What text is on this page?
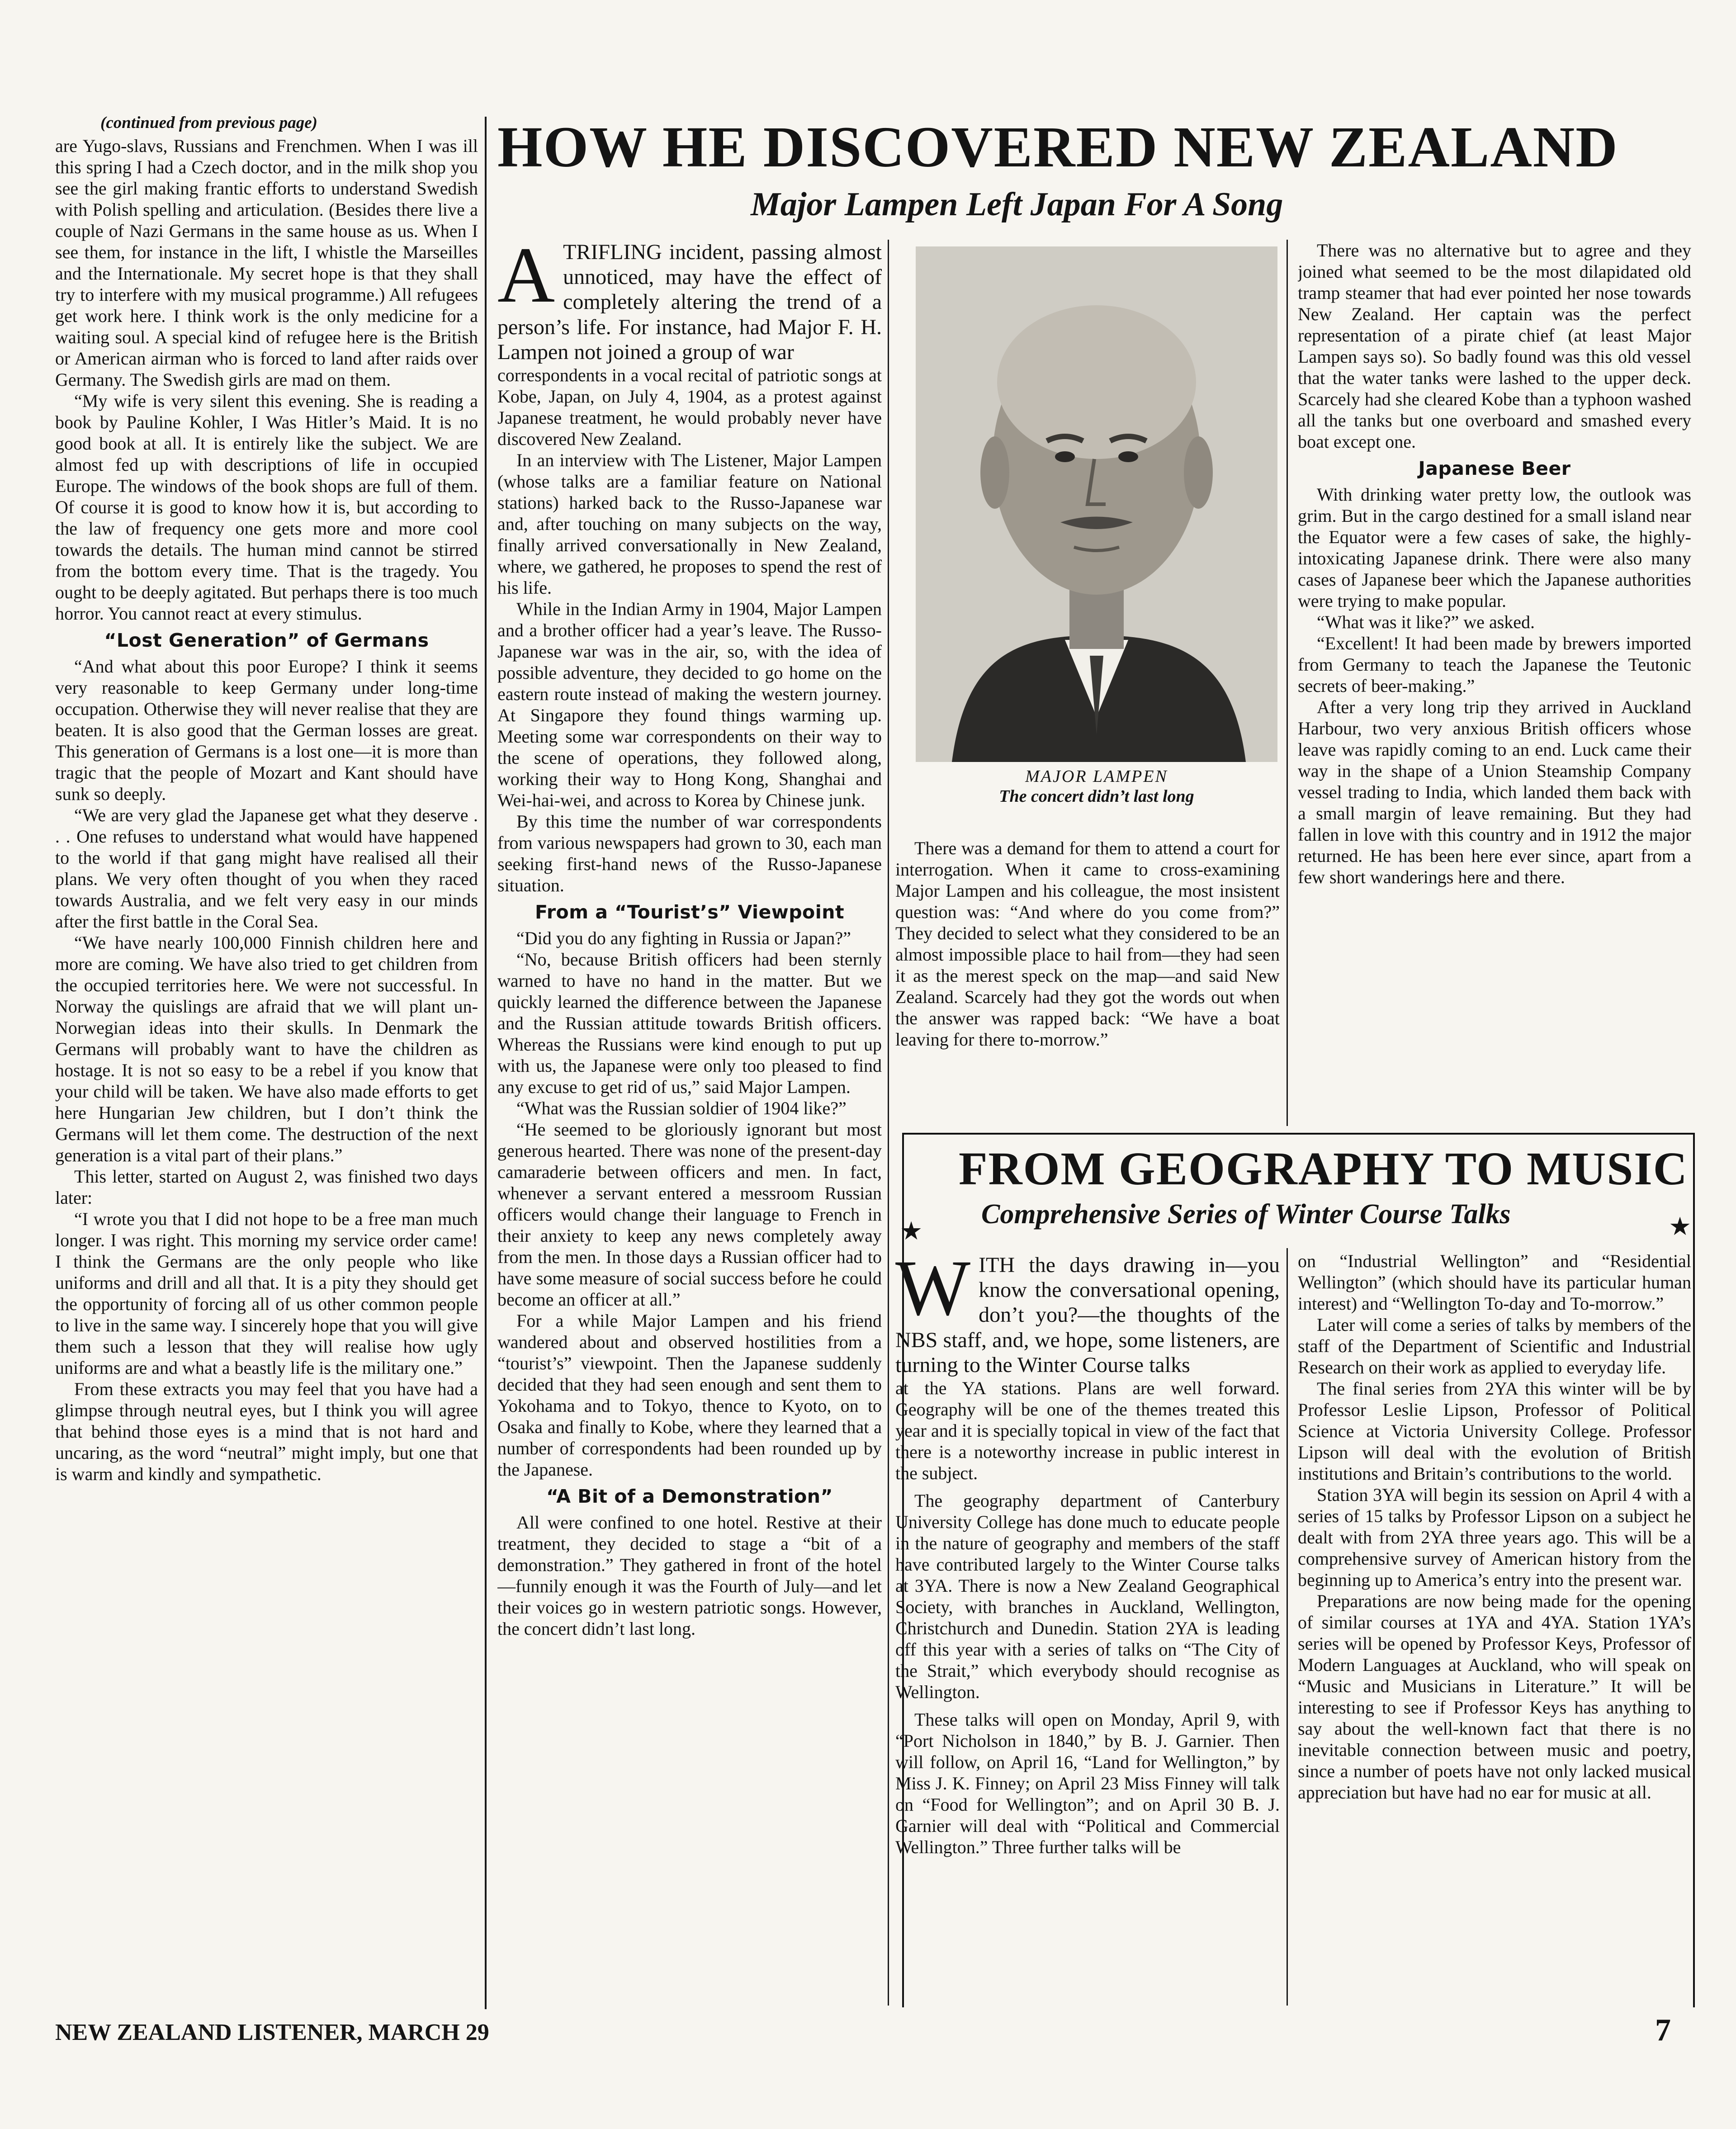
(continued from previous page)

are Yugo-slavs, Russians and Frenchmen. When I was ill this spring I had a Czech doctor, and in the milk shop you see the girl making frantic efforts to understand Swedish with Polish spelling and articulation. (Besides there live a couple of Nazi Germans in the same house as us. When I see them, for instance in the lift, I whistle the Marseilles and the Internationale. My secret hope is that they shall try to interfere with my musical programme.) All refugees get work here. I think work is the only medicine for a waiting soul. A special kind of refugee here is the British or American airman who is forced to land after raids over Germany. The Swedish girls are mad on them.

“My wife is very silent this evening. She is reading a book by Pauline Kohler, I Was Hitler’s Maid. It is no good book at all. It is entirely like the subject. We are almost fed up with descriptions of life in occupied Europe. The windows of the book shops are full of them. Of course it is good to know how it is, but according to the law of frequency one gets more and more cool towards the details. The human mind cannot be stirred from the bottom every time. That is the tragedy. You ought to be deeply agitated. But perhaps there is too much horror. You cannot react at every stimulus.

“Lost Generation” of Germans

“And what about this poor Europe? I think it seems very reasonable to keep Germany under long-time occupation. Otherwise they will never realise that they are beaten. It is also good that the German losses are great. This generation of Germans is a lost one—it is more than tragic that the people of Mozart and Kant should have sunk so deeply.

“We are very glad the Japanese get what they deserve . . . One refuses to understand what would have happened to the world if that gang might have realised all their plans. We very often thought of you when they raced towards Australia, and we felt very easy in our minds after the first battle in the Coral Sea.

“We have nearly 100,000 Finnish children here and more are coming. We have also tried to get children from the occupied territories here. We were not successful. In Norway the quislings are afraid that we will plant un-Norwegian ideas into their skulls. In Denmark the Germans will probably want to have the children as hostage. It is not so easy to be a rebel if you know that your child will be taken. We have also made efforts to get here Hungarian Jew children, but I don’t think the Germans will let them come. The destruction of the next generation is a vital part of their plans.”

This letter, started on August 2, was finished two days later:

“I wrote you that I did not hope to be a free man much longer. I was right. This morning my service order came! I think the Germans are the only people who like uniforms and drill and all that. It is a pity they should get the opportunity of forcing all of us other common people to live in the same way. I sincerely hope that you will give them such a lesson that they will realise how ugly uniforms are and what a beastly life is the military one.”

From these extracts you may feel that you have had a glimpse through neutral eyes, but I think you will agree that behind those eyes is a mind that is not hard and uncaring, as the word “neutral” might imply, but one that is warm and kindly and sympathetic.

HOW HE DISCOVERED NEW ZEALAND
Major Lampen Left Japan For A Song
A TRIFLING incident, passing almost unnoticed, may have the effect of completely altering the trend of a person’s life. For instance, had Major F. H. Lampen not joined a group of war

correspondents in a vocal recital of patriotic songs at Kobe, Japan, on July 4, 1904, as a protest against Japanese treatment, he would probably never have discovered New Zealand.

In an interview with The Listener, Major Lampen (whose talks are a familiar feature on National stations) harked back to the Russo-Japanese war and, after touching on many subjects on the way, finally arrived conversationally in New Zealand, where, we gathered, he proposes to spend the rest of his life.

While in the Indian Army in 1904, Major Lampen and a brother officer had a year’s leave. The Russo-Japanese war was in the air, so, with the idea of possible adventure, they decided to go home on the eastern route instead of making the western journey. At Singapore they found things warming up. Meeting some war correspondents on their way to the scene of operations, they followed along, working their way to Hong Kong, Shanghai and Wei-hai-wei, and across to Korea by Chinese junk.

By this time the number of war correspondents from various newspapers had grown to 30, each man seeking first-hand news of the Russo-Japanese situation.

From a “Tourist’s” Viewpoint

“Did you do any fighting in Russia or Japan?”

“No, because British officers had been sternly warned to have no hand in the matter. But we quickly learned the difference between the Japanese and the Russian attitude towards British officers. Whereas the Russians were kind enough to put up with us, the Japanese were only too pleased to find any excuse to get rid of us,” said Major Lampen.

“What was the Russian soldier of 1904 like?”

“He seemed to be gloriously ignorant but most generous hearted. There was none of the present-day camaraderie between officers and men. In fact, whenever a servant entered a messroom Russian officers would change their language to French in their anxiety to keep any news completely away from the men. In those days a Russian officer had to have some measure of social success before he could become an officer at all.”

For a while Major Lampen and his friend wandered about and observed hostilities from a “tourist’s” viewpoint. Then the Japanese suddenly decided that they had seen enough and sent them to Yokohama and to Tokyo, thence to Kyoto, on to Osaka and finally to Kobe, where they learned that a number of correspondents had been rounded up by the Japanese.

“A Bit of a Demonstration”

All were confined to one hotel. Restive at their treatment, they decided to stage a “bit of a demonstration.” They gathered in front of the hotel—funnily enough it was the Fourth of July—and let their voices go in western patriotic songs. However, the concert didn’t last long.

MAJOR LAMPEN
The concert didn’t last long

There was a demand for them to attend a court for interrogation. When it came to cross-examining Major Lampen and his colleague, the most insistent question was: “And where do you come from?” They decided to select what they considered to be an almost impossible place to hail from—they had seen it as the merest speck on the map—and said New Zealand. Scarcely had they got the words out when the answer was rapped back: “We have a boat leaving for there to-morrow.”

There was no alternative but to agree and they joined what seemed to be the most dilapidated old tramp steamer that had ever pointed her nose towards New Zealand. Her captain was the perfect representation of a pirate chief (at least Major Lampen says so). So badly found was this old vessel that the water tanks were lashed to the upper deck. Scarcely had she cleared Kobe than a typhoon washed all the tanks but one overboard and smashed every boat except one.

Japanese Beer

With drinking water pretty low, the outlook was grim. But in the cargo destined for a small island near the Equator were a few cases of sake, the highly-intoxicating Japanese drink. There were also many cases of Japanese beer which the Japanese authorities were trying to make popular.

“What was it like?” we asked.

“Excellent! It had been made by brewers imported from Germany to teach the Japanese the Teutonic secrets of beer-making.”

After a very long trip they arrived in Auckland Harbour, two very anxious British officers whose leave was rapidly coming to an end. Luck came their way in the shape of a Union Steamship Company vessel trading to India, which landed them back with a small margin of leave remaining. But they had fallen in love with this country and in 1912 the major returned. He has been here ever since, apart from a few short wanderings here and there.

FROM GEOGRAPHY TO MUSIC
Comprehensive Series of Winter Course Talks
★	★
W ITH the days drawing in—you know the conversational opening, don’t you?—the thoughts of the NBS staff, and, we hope, some listeners, are turning to the Winter Course talks

at the YA stations. Plans are well forward. Geography will be one of the themes treated this year and it is specially topical in view of the fact that there is a noteworthy increase in public interest in the subject.

The geography department of Canterbury University College has done much to educate people in the nature of geography and members of the staff have contributed largely to the Winter Course talks at 3YA. There is now a New Zealand Geographical Society, with branches in Auckland, Wellington, Christchurch and Dunedin. Station 2YA is leading off this year with a series of talks on “The City of the Strait,” which everybody should recognise as Wellington.

These talks will open on Monday, April 9, with “Port Nicholson in 1840,” by B. J. Garnier. Then will follow, on April 16, “Land for Wellington,” by Miss J. K. Finney; on April 23 Miss Finney will talk on “Food for Wellington”; and on April 30 B. J. Garnier will deal with “Political and Commercial Wellington.” Three further talks will be

on “Industrial Wellington” and “Residential Wellington” (which should have its particular human interest) and “Wellington To-day and To-morrow.”

Later will come a series of talks by members of the staff of the Department of Scientific and Industrial Research on their work as applied to everyday life.

The final series from 2YA this winter will be by Professor Leslie Lipson, Professor of Political Science at Victoria University College. Professor Lipson will deal with the evolution of British institutions and Britain’s contributions to the world.

Station 3YA will begin its session on April 4 with a series of 15 talks by Professor Lipson on a subject he dealt with from 2YA three years ago. This will be a comprehensive survey of American history from the beginning up to America’s entry into the present war.

Preparations are now being made for the opening of similar courses at 1YA and 4YA. Station 1YA’s series will be opened by Professor Keys, Professor of Modern Languages at Auckland, who will speak on “Music and Musicians in Literature.” It will be interesting to see if Professor Keys has anything to say about the well-known fact that there is no inevitable connection between music and poetry, since a number of poets have not only lacked musical appreciation but have had no ear for music at all.

NEW ZEALAND LISTENER, MARCH 29	7
